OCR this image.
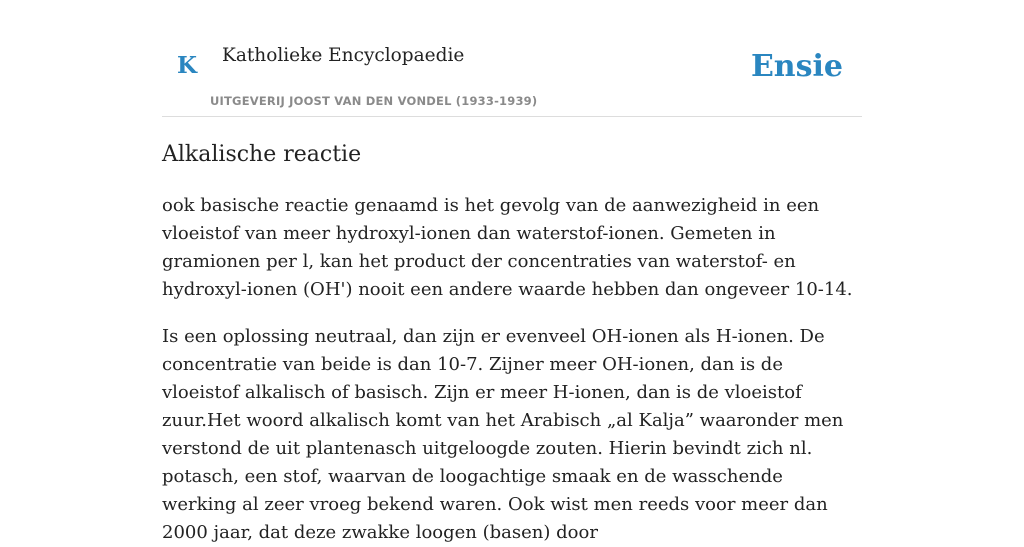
K Katholieke Encyclopaedie
UITGEVERIJ JOOST VAN DEN VONDEL (1933-1939)
Ensie
Alkalische reactie

ook basische reactie genaamd is het gevolg van de aanwezigheid in een vloeistof van meer hydroxyl-ionen dan waterstof-ionen. Gemeten in gramionen per l, kan het product der concentraties van waterstof- en hydroxyl-ionen (OH') nooit een andere waarde hebben dan ongeveer 10-14.

Is een oplossing neutraal, dan zijn er evenveel OH-ionen als H-ionen. De concentratie van beide is dan 10-7. Zijner meer OH-ionen, dan is de vloeistof alkalisch of basisch. Zijn er meer H-ionen, dan is de vloeistof zuur.Het woord alkalisch komt van het Arabisch „al Kalja” waaronder men verstond de uit plantenasch uitgeloogde zouten. Hierin bevindt zich nl. potasch, een stof, waarvan de loogachtige smaak en de wasschende werking al zeer vroeg bekend waren. Ook wist men reeds voor meer dan 2000 jaar, dat deze zwakke loogen (basen) door
